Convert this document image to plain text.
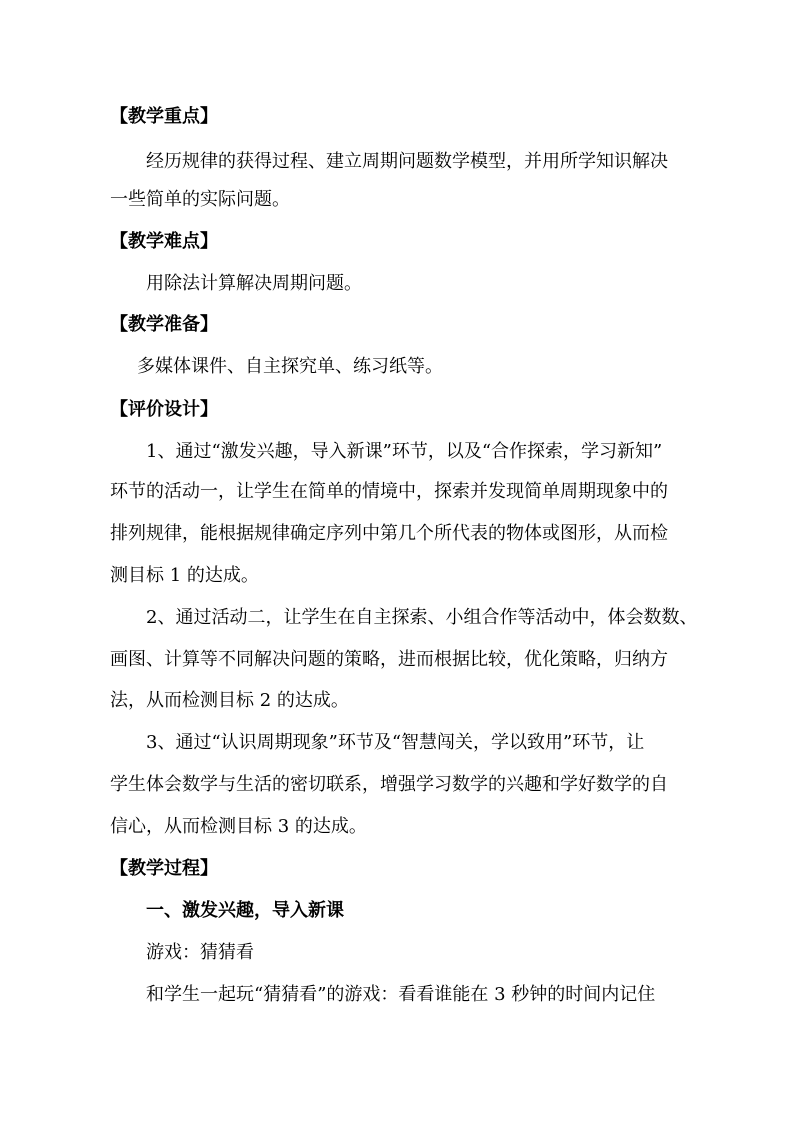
【教学重点】
经历规律的获得过程、建立周期问题数学模型，并用所学知识解决
一些简单的实际问题。
【教学难点】
用除法计算解决周期问题。
【教学准备】
多媒体课件、自主探究单、练习纸等。
【评价设计】
1、通过“激发兴趣，导入新课”环节，以及“合作探索，学习新知”
环节的活动一，让学生在简单的情境中，探索并发现简单周期现象中的
排列规律，能根据规律确定序列中第几个所代表的物体或图形，从而检
测目标 1 的达成。
2、通过活动二，让学生在自主探索、小组合作等活动中，体会数数、
画图、计算等不同解决问题的策略，进而根据比较，优化策略，归纳方
法，从而检测目标 2 的达成。
3、通过“认识周期现象”环节及“智慧闯关，学以致用”环节，让
学生体会数学与生活的密切联系，增强学习数学的兴趣和学好数学的自
信心，从而检测目标 3 的达成。
【教学过程】
一、激发兴趣，导入新课
游戏：猜猜看
和学生一起玩“猜猜看”的游戏：看看谁能在 3 秒钟的时间内记住
